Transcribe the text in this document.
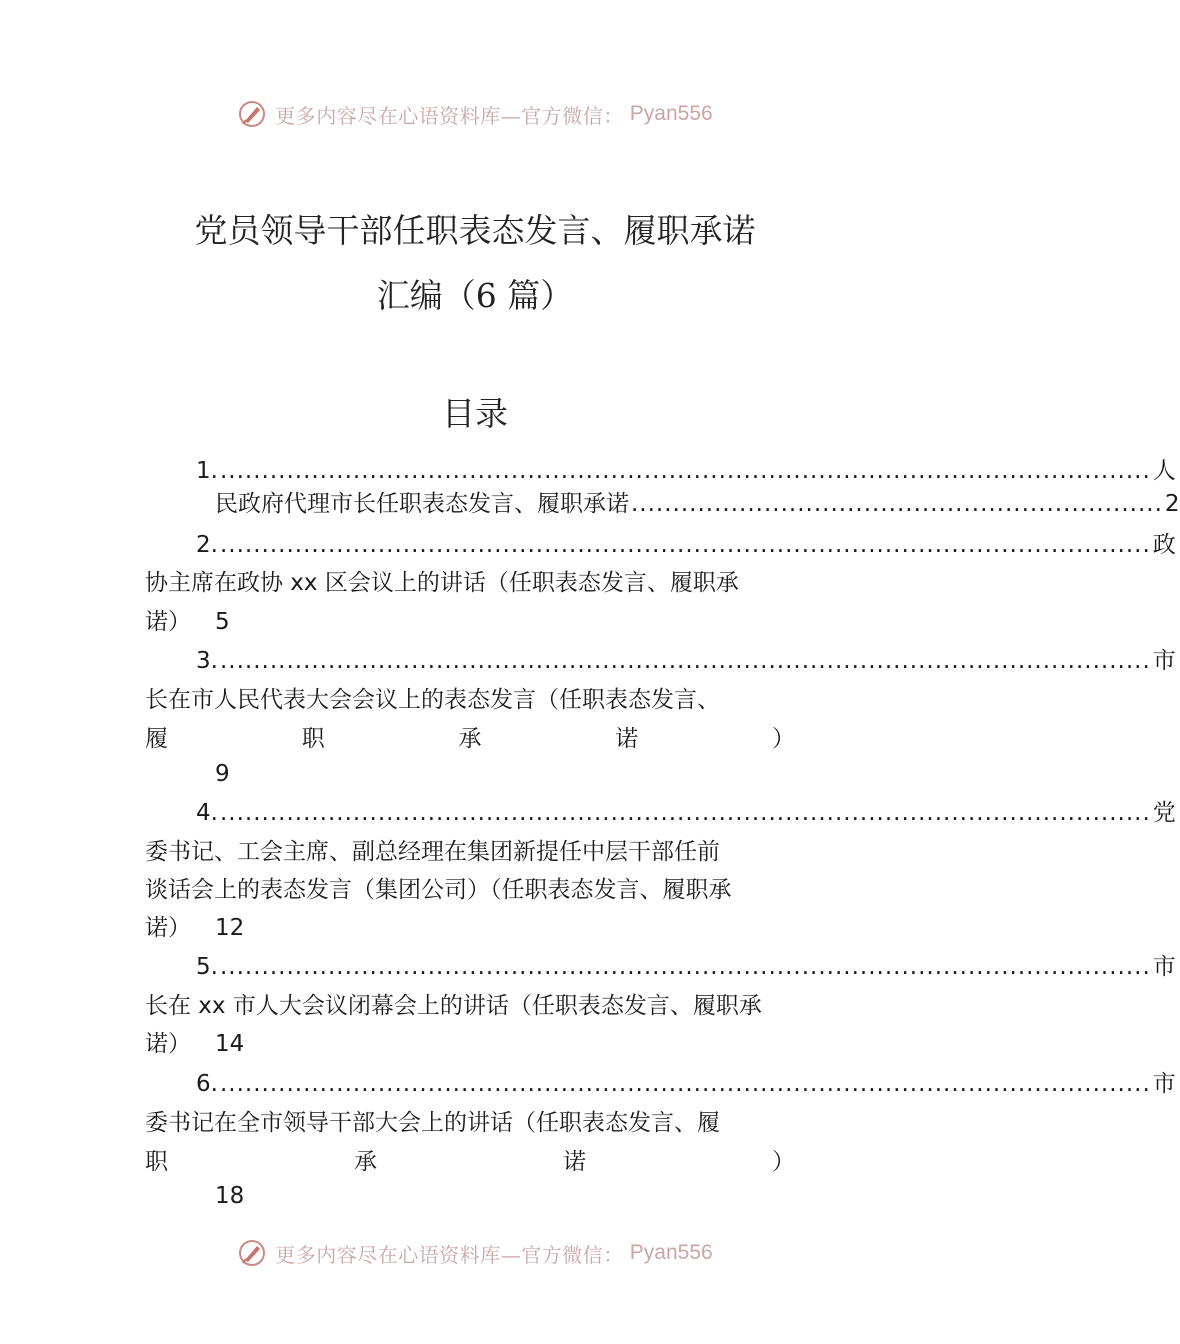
更多内容尽在心语资料库—官方微信： Pyan556
党员领导干部任职表态发言、履职承诺
汇编（6 篇）
目录
1. ................................................................................................................ 人
民政府代理市长任职表态发言、履职承诺 ................................................................ 2
2. ................................................................................................................ 政
协主席在政协 xx 区会议上的讲话（任职表态发言、履职承
诺） 5
3. ................................................................................................................ 市
长在市人民代表大会会议上的表态发言（任职表态发言、
履	职	承	诺	）
9
4. ................................................................................................................ 党
委书记、工会主席、副总经理在集团新提任中层干部任前
谈话会上的表态发言（集团公司）（任职表态发言、履职承
诺） 12
5. ................................................................................................................ 市
长在 xx 市人大会议闭幕会上的讲话（任职表态发言、履职承
诺） 14
6. ................................................................................................................ 市
委书记在全市领导干部大会上的讲话（任职表态发言、履
职	承	诺	）
18
更多内容尽在心语资料库—官方微信： Pyan556
